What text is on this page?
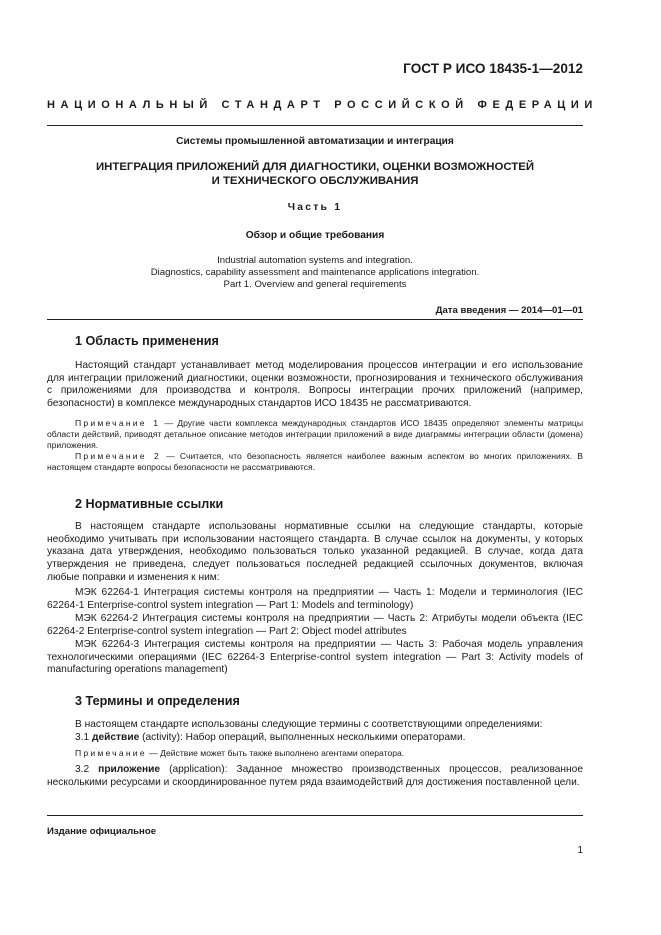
ГОСТ Р ИСО 18435-1—2012
НАЦИОНАЛЬНЫЙ СТАНДАРТ РОССИЙСКОЙ ФЕДЕРАЦИИ
Системы промышленной автоматизации и интеграция
ИНТЕГРАЦИЯ ПРИЛОЖЕНИЙ ДЛЯ ДИАГНОСТИКИ, ОЦЕНКИ ВОЗМОЖНОСТЕЙ
И ТЕХНИЧЕСКОГО ОБСЛУЖИВАНИЯ
Часть 1
Обзор и общие требования
Industrial automation systems and integration.
Diagnostics, capability assessment and maintenance applications integration.
Part 1. Overview and general requirements
Дата введения — 2014—01—01
1 Область применения
Настоящий стандарт устанавливает метод моделирования процессов интеграции и его использование для интеграции приложений диагностики, оценки возможности, прогнозирования и технического обслуживания с приложениями для производства и контроля. Вопросы интеграции прочих приложений (например, безопасности) в комплексе международных стандартов ИСО 18435 не рассматриваются.
Примечание 1 — Другие части комплекса международных стандартов ИСО 18435 определяют элементы матрицы области действий, приводят детальное описание методов интеграции приложений в виде диаграммы интеграции области (домена) приложения.
Примечание 2 — Считается, что безопасность является наиболее важным аспектом во многих приложениях. В настоящем стандарте вопросы безопасности не рассматриваются.
2 Нормативные ссылки
В настоящем стандарте использованы нормативные ссылки на следующие стандарты, которые необходимо учитывать при использовании настоящего стандарта. В случае ссылок на документы, у которых указана дата утверждения, необходимо пользоваться только указанной редакцией. В случае, когда дата утверждения не приведена, следует пользоваться последней редакцией ссылочных документов, включая любые поправки и изменения к ним:
МЭК 62264-1 Интеграция системы контроля на предприятии — Часть 1: Модели и терминология (IEC 62264-1 Enterprise-control system integration — Part 1: Models and terminology)
МЭК 62264-2 Интеграция системы контроля на предприятии — Часть 2: Атрибуты модели объекта (IEC 62264-2 Enterprise-control system integration — Part 2: Object model attributes
МЭК 62264-3 Интеграция системы контроля на предприятии — Часть 3: Рабочая модель управления технологическими операциями (IEC 62264-3 Enterprise-control system integration — Part 3: Activity models of manufacturing operations management)
3 Термины и определения
В настоящем стандарте использованы следующие термины с соответствующими определениями:
3.1 действие (activity): Набор операций, выполненных несколькими операторами.
Примечание — Действие может быть также выполнено агентами оператора.
3.2 приложение (application): Заданное множество производственных процессов, реализованное несколькими ресурсами и скоординированное путем ряда взаимодействий для достижения поставленной цели.
Издание официальное
1
